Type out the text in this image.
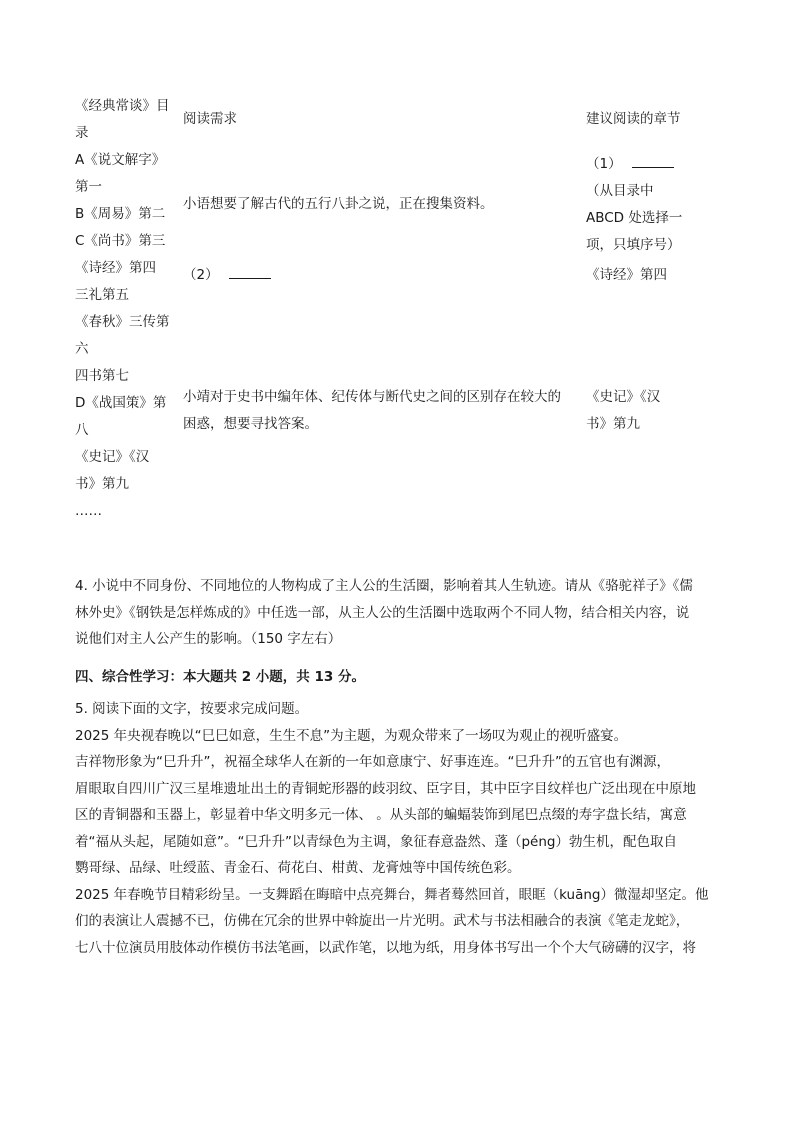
《经典常谈》目
录
A《说文解字》
第一
B《周易》第二
C《尚书》第三
《诗经》第四
三礼第五
《春秋》三传第
六
四书第七
D《战国策》第
八
《史记》《汉
书》第九
……
阅读需求	建议阅读的章节
小语想要了解古代的五行八卦之说，正在搜集资料。
（1）
（从目录中
ABCD 处选择一
项，只填序号）
（2）	《诗经》第四
小靖对于史书中编年体、纪传体与断代史之间的区别存在较大的
困惑，想要寻找答案。
《史记》《汉
书》第九

4. 小说中不同身份、不同地位的人物构成了主人公的生活圈，影响着其人生轨迹。请从《骆驼祥子》《儒

林外史》《钢铁是怎样炼成的》中任选一部，从主人公的生活圈中选取两个不同人物，结合相关内容，说

说他们对主人公产生的影响。（150 字左右）

四、综合性学习：本大题共 2 小题，共 13 分。

5. 阅读下面的文字，按要求完成问题。

2025 年央视春晚以“巳巳如意，生生不息”为主题，为观众带来了一场叹为观止的视听盛宴。

吉祥物形象为“巳升升”，祝福全球华人在新的一年如意康宁、好事连连。“巳升升”的五官也有渊源，

眉眼取自四川广汉三星堆遗址出土的青铜蛇形器的歧羽纹、臣字目，其中臣字目纹样也广泛出现在中原地

区的青铜器和玉器上，彰显着中华文明多元一体、 。从头部的蝙蝠装饰到尾巴点缀的寿字盘长结，寓意

着“福从头起，尾随如意”。“巳升升”以青绿色为主调，象征春意盎然、蓬（péng）勃生机，配色取自

鹦哥绿、品绿、吐绶蓝、青金石、荷花白、柑黄、龙膏烛等中国传统色彩。

2025 年春晚节目精彩纷呈。一支舞蹈在晦暗中点亮舞台，舞者蓦然回首，眼眶（kuāng）微湿却坚定。他

们的表演让人震撼不已，仿佛在冗余的世界中斡旋出一片光明。武术与书法相融合的表演《笔走龙蛇》，

七八十位演员用肢体动作模仿书法笔画，以武作笔，以地为纸，用身体书写出一个个大气磅礴的汉字，将
